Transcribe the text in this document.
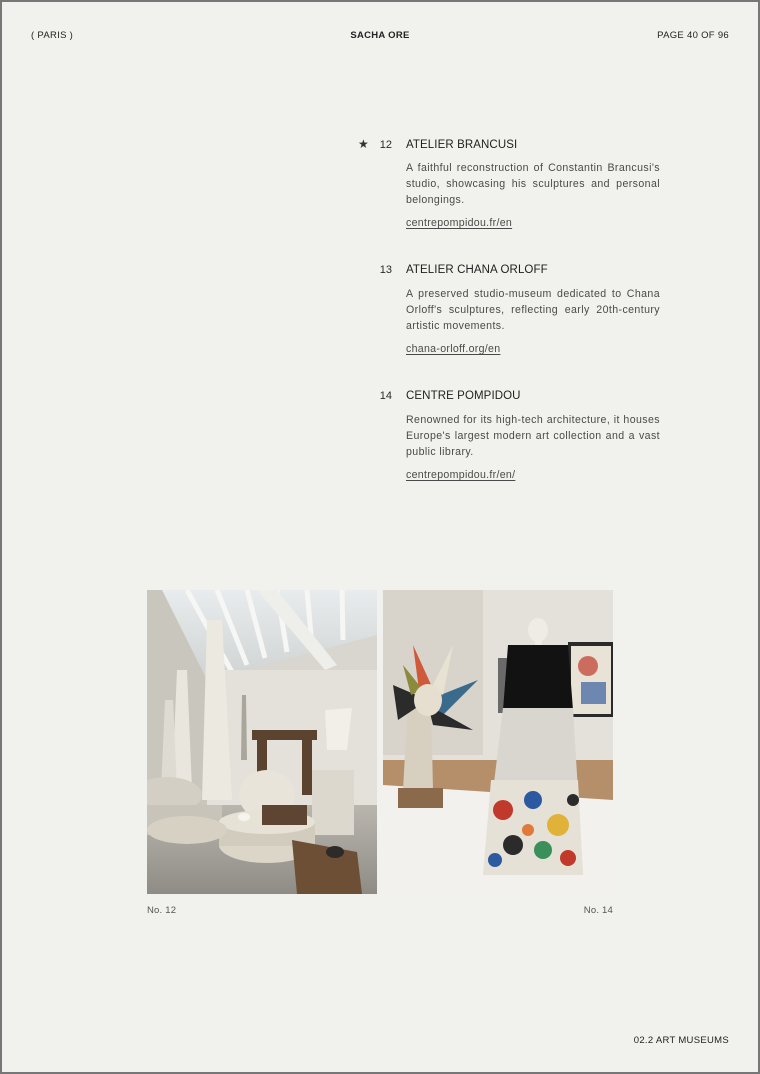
( PARIS )	SACHA ORE	PAGE 40 OF 96
★ 12	ATELIER BRANCUSI

A faithful reconstruction of Constantin Brancusi's studio, showcasing his sculptures and personal belongings.

centrepompidou.fr/en
13	ATELIER CHANA ORLOFF

A preserved studio-museum dedicated to Chana Orloff's sculptures, reflecting early 20th-century artistic movements.

chana-orloff.org/en
14	CENTRE POMPIDOU

Renowned for its high-tech architecture, it houses Europe's largest modern art collection and a vast public library.

centrepompidou.fr/en/
No. 12	No. 14
02.2 ART MUSEUMS
